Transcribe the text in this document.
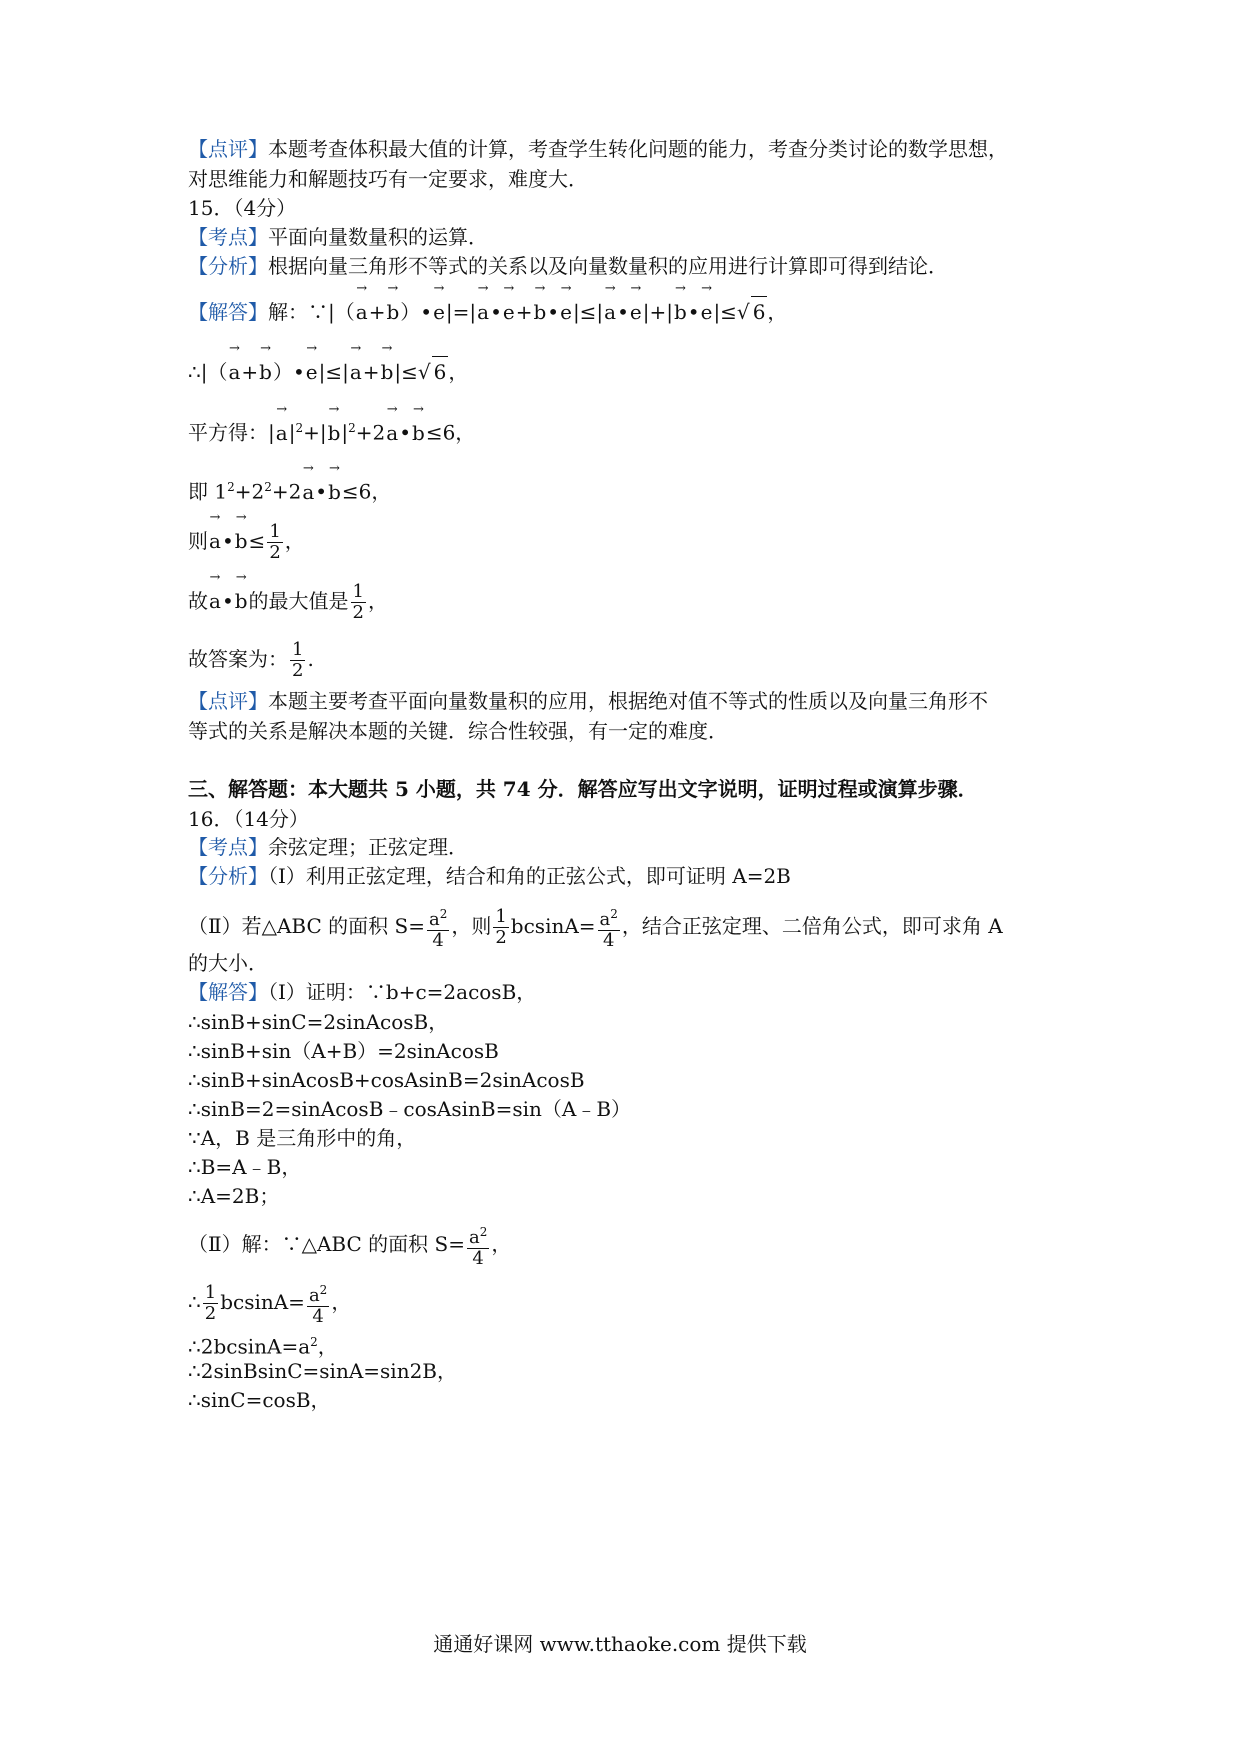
【点评】本题考查体积最大值的计算，考查学生转化问题的能力，考查分类讨论的数学思想，
对思维能力和解题技巧有一定要求，难度大．
15．（4分）
【考点】平面向量数量积的运算．
【分析】根据向量三角形不等式的关系以及向量数量积的应用进行计算即可得到结论．
【解答】解：∵|（→ a+→ b）•→ e|=|→ a•→ e+→ b•→ e|≤|→ a•→ e|+|→ b•→ e|≤√ 6 ，
∴|（→ a+→ b）•→ e|≤|→ a+→ b|≤√ 6 ，
平方得：|→ $a|^2+|\to b|^2+2\to$ a•→ b≤6，
即 $1^2+2^2+2\to$ a•→ b≤6，
则→ a•→ $b\le \frac{1}{2}$ ，
故→ a•→ b的最大值是 $\frac{1}{2}$ ，
故答案为： $\frac{1}{2}$ .
【点评】本题主要考查平面向量数量积的应用，根据绝对值不等式的性质以及向量三角形不
等式的关系是解决本题的关键．综合性较强，有一定的难度．
三、解答题：本大题共 5 小题，共 74 分．解答应写出文字说明，证明过程或演算步骤．
16．（14分）
【考点】余弦定理；正弦定理．
【分析】（Ⅰ）利用正弦定理，结合和角的正弦公式，即可证明 A=2B
（Ⅱ）若△ABC 的面积 $S= \frac{a^2}{4}$ ，则 $\frac{1}{2} bcsinA= \frac{a^2}{4}$ ，结合正弦定理、二倍角公式，即可求角 A
的大小．
【解答】（Ⅰ）证明：∵b+c=2acosB，
∴sinB+sinC=2sinAcosB，
∴sinB+sin（A+B）=2sinAcosB
∴sinB+sinAcosB+cosAsinB=2sinAcosB
∴sinB=2=sinAcosB﹣cosAsinB=sin（A﹣B）
∵A，B 是三角形中的角，
∴B=A﹣B，
∴A=2B；
（Ⅱ）解：∵△ABC 的面积 $S= \frac{a^2}{4}$ ，
∴ $\frac{1}{2} bcsinA= \frac{a^2}{4}$ ，
$\therefore 2bcsinA=a^2$，
∴2sinBsinC=sinA=sin2B，
∴sinC=cosB，
通通好课网 www.tthaoke.com 提供下载
